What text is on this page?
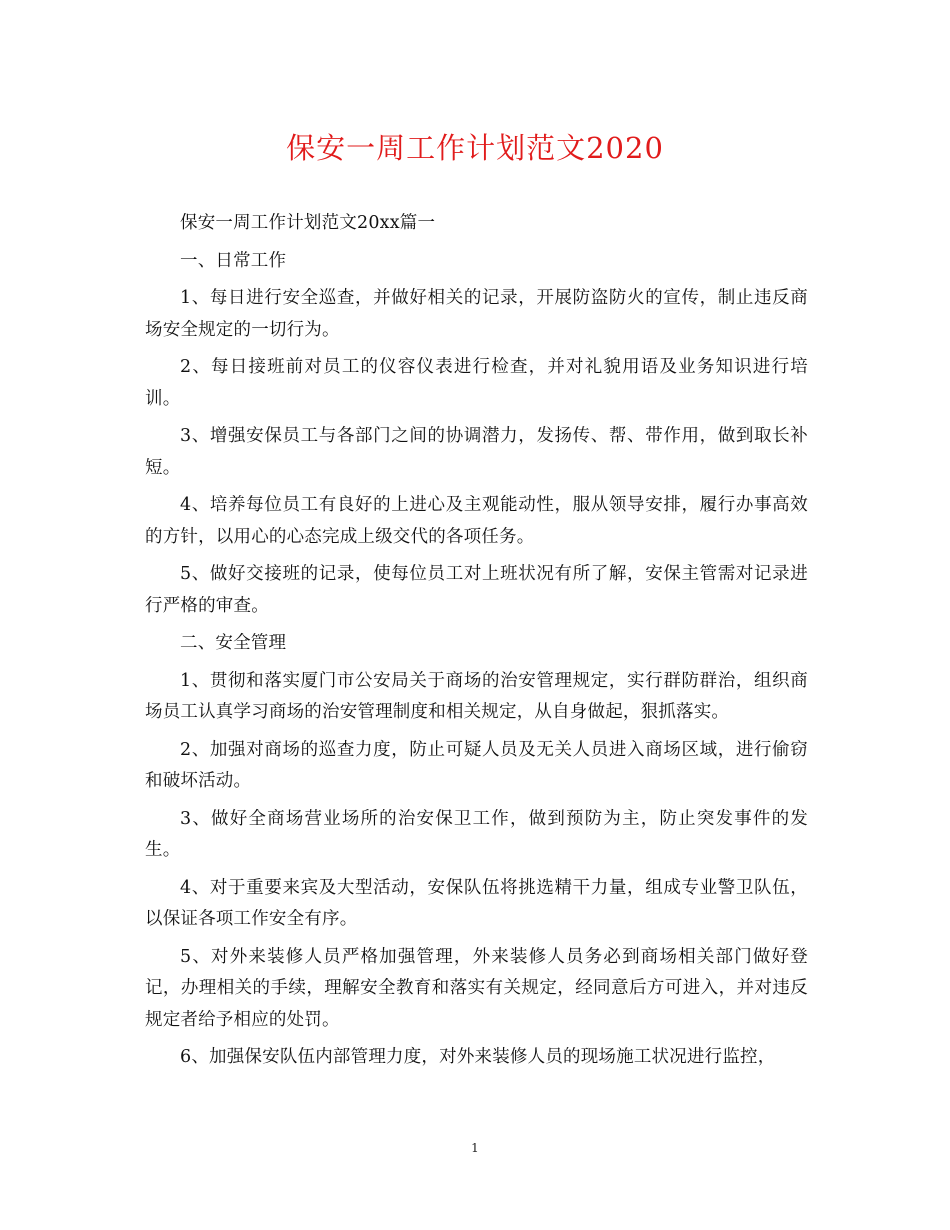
保安一周工作计划范文2020

保安一周工作计划范文20xx篇一

一、日常工作

1、每日进行安全巡查，并做好相关的记录，开展防盗防火的宣传，制止违反商场安全规定的一切行为。

2、每日接班前对员工的仪容仪表进行检查，并对礼貌用语及业务知识进行培训。

3、增强安保员工与各部门之间的协调潜力，发扬传、帮、带作用，做到取长补短。

4、培养每位员工有良好的上进心及主观能动性，服从领导安排，履行办事高效的方针，以用心的心态完成上级交代的各项任务。

5、做好交接班的记录，使每位员工对上班状况有所了解，安保主管需对记录进行严格的审查。

二、安全管理

1、贯彻和落实厦门市公安局关于商场的治安管理规定，实行群防群治，组织商场员工认真学习商场的治安管理制度和相关规定，从自身做起，狠抓落实。

2、加强对商场的巡查力度，防止可疑人员及无关人员进入商场区域，进行偷窃和破坏活动。

3、做好全商场营业场所的治安保卫工作，做到预防为主，防止突发事件的发生。

4、对于重要来宾及大型活动，安保队伍将挑选精干力量，组成专业警卫队伍，以保证各项工作安全有序。

5、对外来装修人员严格加强管理，外来装修人员务必到商场相关部门做好登记，办理相关的手续，理解安全教育和落实有关规定，经同意后方可进入，并对违反规定者给予相应的处罚。

6、加强保安队伍内部管理力度，对外来装修人员的现场施工状况进行监控，

1
